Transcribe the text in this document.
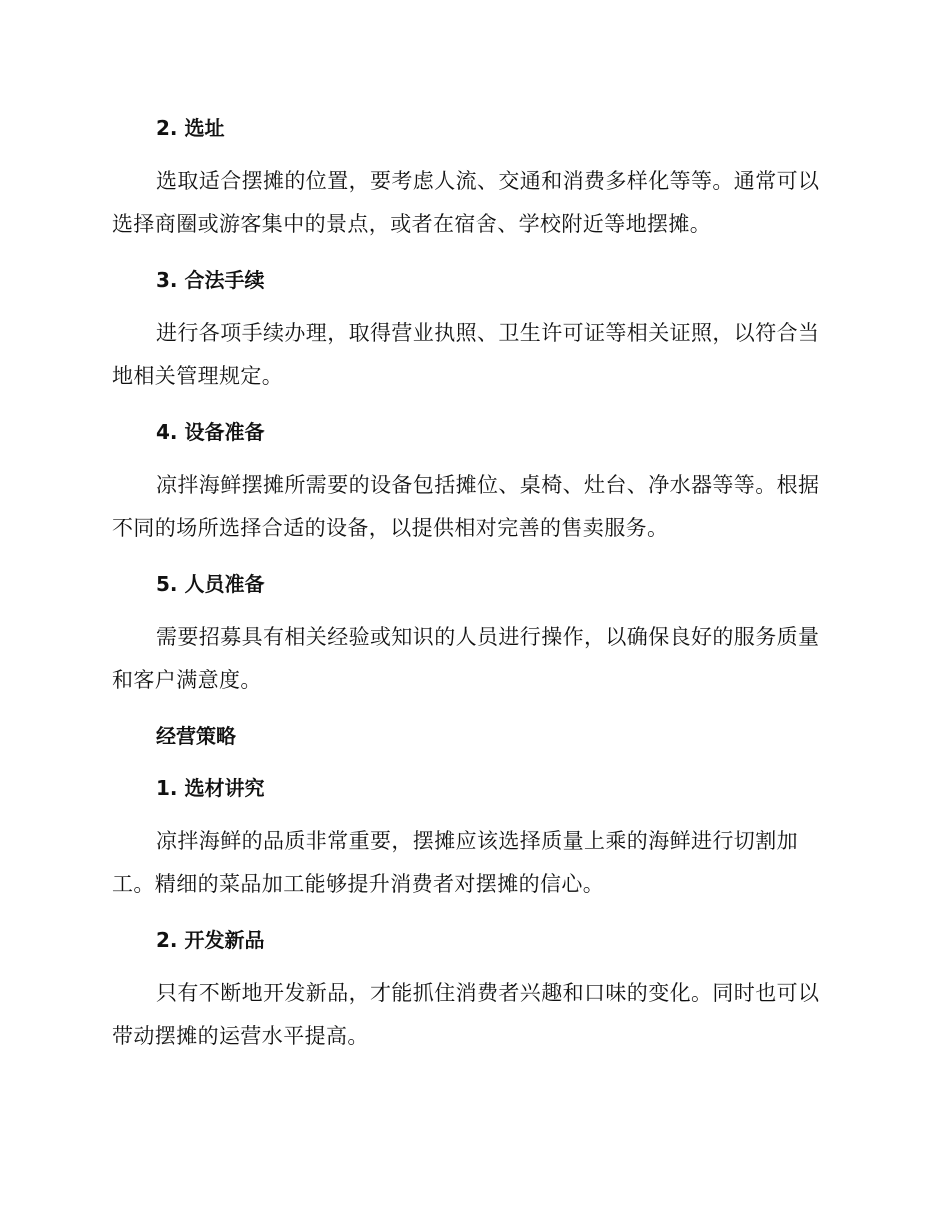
2. 选址

选取适合摆摊的位置，要考虑人流、交通和消费多样化等等。通常可以选择商圈或游客集中的景点，或者在宿舍、学校附近等地摆摊。

3. 合法手续

进行各项手续办理，取得营业执照、卫生许可证等相关证照，以符合当地相关管理规定。

4. 设备准备

凉拌海鲜摆摊所需要的设备包括摊位、桌椅、灶台、净水器等等。根据不同的场所选择合适的设备，以提供相对完善的售卖服务。

5. 人员准备

需要招募具有相关经验或知识的人员进行操作，以确保良好的服务质量和客户满意度。

经营策略
1. 选材讲究

凉拌海鲜的品质非常重要，摆摊应该选择质量上乘的海鲜进行切割加工。精细的菜品加工能够提升消费者对摆摊的信心。

2. 开发新品

只有不断地开发新品，才能抓住消费者兴趣和口味的变化。同时也可以带动摆摊的运营水平提高。
